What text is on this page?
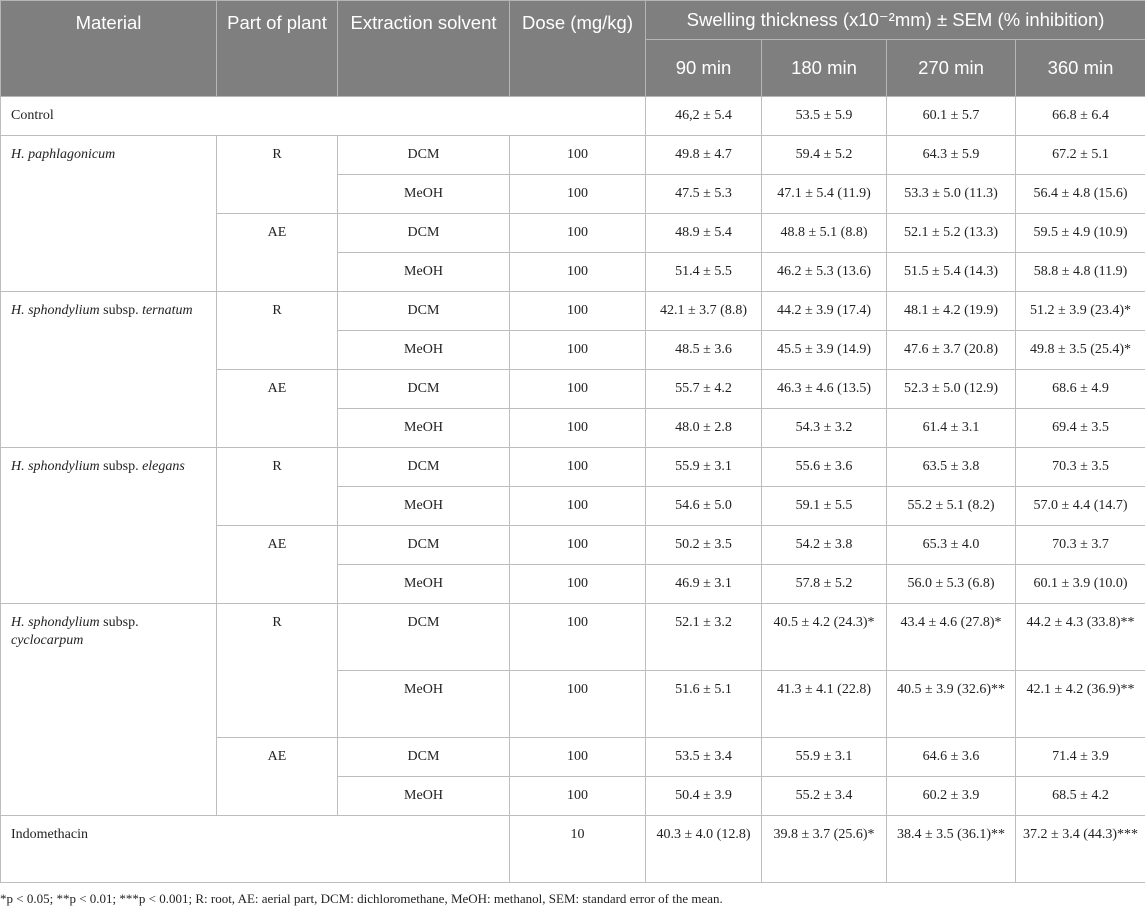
Material	Part of plant	Extraction solvent	Dose (mg/kg)	Swelling thickness (x10⁻²mm) ± SEM (% inhibition)			
				90 min	180 min	270 min	360 min
Control				46,2 ± 5.4	53.5 ± 5.9	60.1 ± 5.7	66.8 ± 6.4
H. paphlagonicum	R	DCM	100	49.8 ± 4.7	59.4 ± 5.2	64.3 ± 5.9	67.2 ± 5.1
		MeOH	100	47.5 ± 5.3	47.1 ± 5.4 (11.9)	53.3 ± 5.0 (11.3)	56.4 ± 4.8 (15.6)
	AE	DCM	100	48.9 ± 5.4	48.8 ± 5.1 (8.8)	52.1 ± 5.2 (13.3)	59.5 ± 4.9 (10.9)
		MeOH	100	51.4 ± 5.5	46.2 ± 5.3 (13.6)	51.5 ± 5.4 (14.3)	58.8 ± 4.8 (11.9)
H. sphondylium subsp. ternatum	R	DCM	100	42.1 ± 3.7 (8.8)	44.2 ± 3.9 (17.4)	48.1 ± 4.2 (19.9)	51.2 ± 3.9 (23.4)*
		MeOH	100	48.5 ± 3.6	45.5 ± 3.9 (14.9)	47.6 ± 3.7 (20.8)	49.8 ± 3.5 (25.4)*
	AE	DCM	100	55.7 ± 4.2	46.3 ± 4.6 (13.5)	52.3 ± 5.0 (12.9)	68.6 ± 4.9
		MeOH	100	48.0 ± 2.8	54.3 ± 3.2	61.4 ± 3.1	69.4 ± 3.5
H. sphondylium subsp. elegans	R	DCM	100	55.9 ± 3.1	55.6 ± 3.6	63.5 ± 3.8	70.3 ± 3.5
		MeOH	100	54.6 ± 5.0	59.1 ± 5.5	55.2 ± 5.1 (8.2)	57.0 ± 4.4 (14.7)
	AE	DCM	100	50.2 ± 3.5	54.2 ± 3.8	65.3 ± 4.0	70.3 ± 3.7
		MeOH	100	46.9 ± 3.1	57.8 ± 5.2	56.0 ± 5.3 (6.8)	60.1 ± 3.9 (10.0)
H. sphondylium subsp. cyclocarpum	R	DCM	100	52.1 ± 3.2	40.5 ± 4.2 (24.3)*	43.4 ± 4.6 (27.8)*	44.2 ± 4.3 (33.8)**
		MeOH	100	51.6 ± 5.1	41.3 ± 4.1 (22.8)	40.5 ± 3.9 (32.6)**	42.1 ± 4.2 (36.9)**
	AE	DCM	100	53.5 ± 3.4	55.9 ± 3.1	64.6 ± 3.6	71.4 ± 3.9
		MeOH	100	50.4 ± 3.9	55.2 ± 3.4	60.2 ± 3.9	68.5 ± 4.2
Indomethacin			10	40.3 ± 4.0 (12.8)	39.8 ± 3.7 (25.6)*	38.4 ± 3.5 (36.1)**	37.2 ± 3.4 (44.3)***
*p < 0.05; **p < 0.01; ***p < 0.001; R: root, AE: aerial part, DCM: dichloromethane, MeOH: methanol, SEM: standard error of the mean.
